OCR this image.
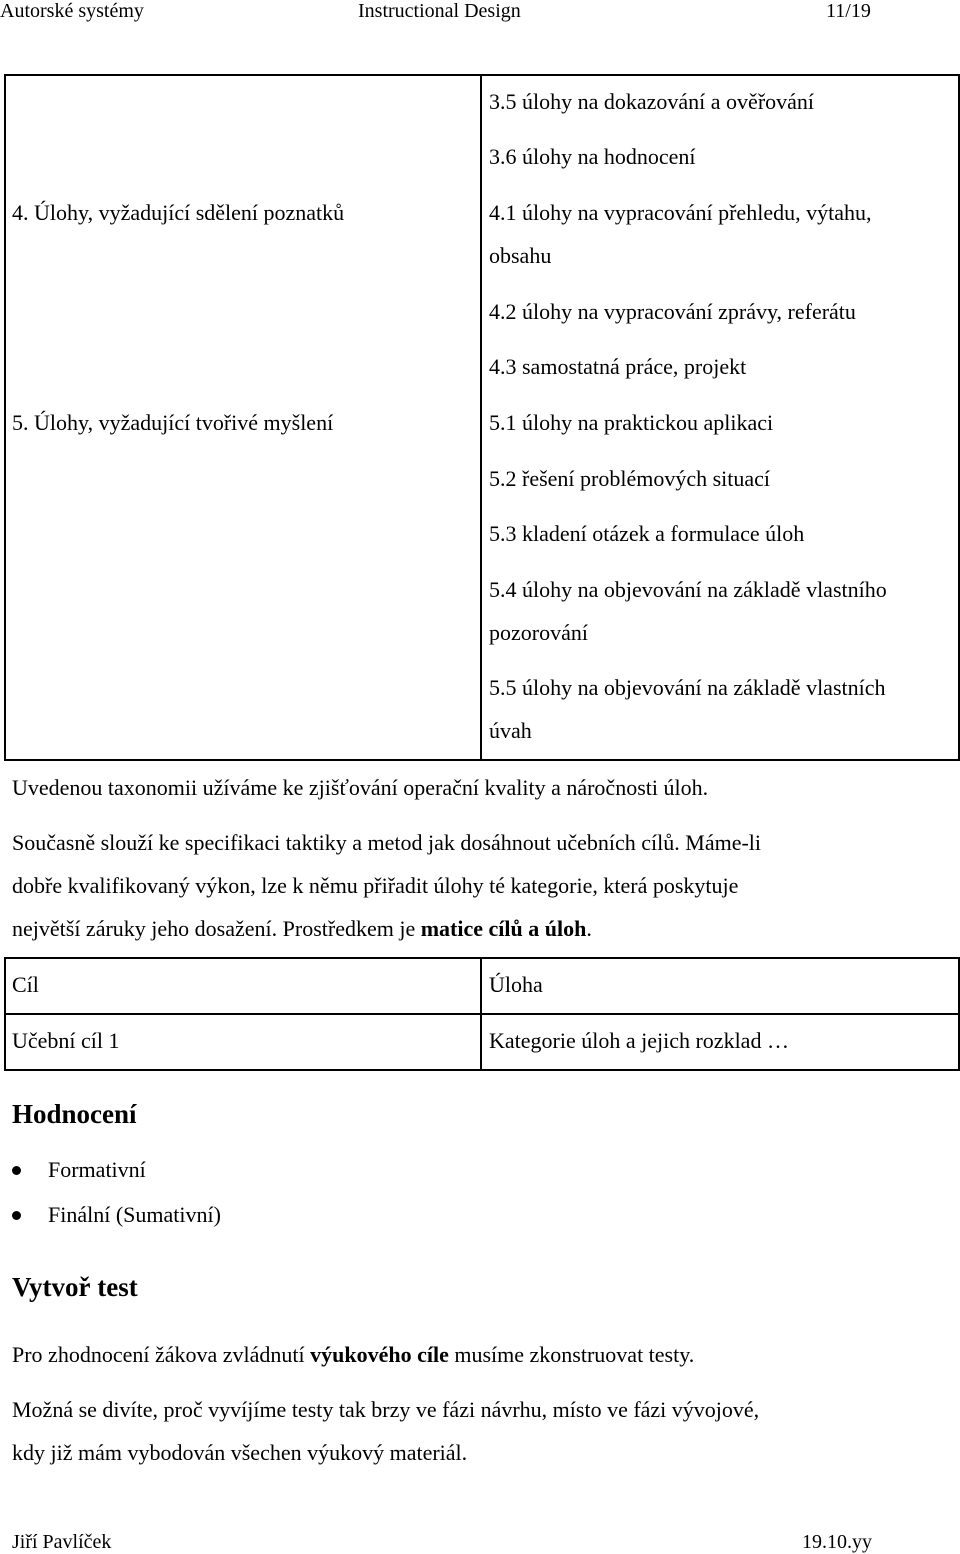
Autorské systémy	Instructional Design	11/19
3.5 úlohy na dokazování a ověřování
3.6 úlohy na hodnocení
4. Úlohy, vyžadující sdělení poznatků	4.1 úlohy na vypracování přehledu, výtahu,
obsahu
4.2 úlohy na vypracování zprávy, referátu
4.3 samostatná práce, projekt
5. Úlohy, vyžadující tvořivé myšlení	5.1 úlohy na praktickou aplikaci
5.2 řešení problémových situací
5.3 kladení otázek a formulace úloh
5.4 úlohy na objevování na základě vlastního
pozorování
5.5 úlohy na objevování na základě vlastních
úvah
Uvedenou taxonomii užíváme ke zjišťování operační kvality a náročnosti úloh.
Současně slouží ke specifikaci taktiky a metod jak dosáhnout učebních cílů. Máme-li
dobře kvalifikovaný výkon, lze k němu přiřadit úlohy té kategorie, která poskytuje
největší záruky jeho dosažení. Prostředkem je matice cílů a úloh.
Cíl	Úloha
Učební cíl 1	Kategorie úloh a jejich rozklad …
Hodnocení
Formativní
Finální (Sumativní)
Vytvoř test
Pro zhodnocení žákova zvládnutí výukového cíle musíme zkonstruovat testy.
Možná se divíte, proč vyvíjíme testy tak brzy ve fázi návrhu, místo ve fázi vývojové,
kdy již mám vybodován všechen výukový materiál.
Jiří Pavlíček	19.10.yy
